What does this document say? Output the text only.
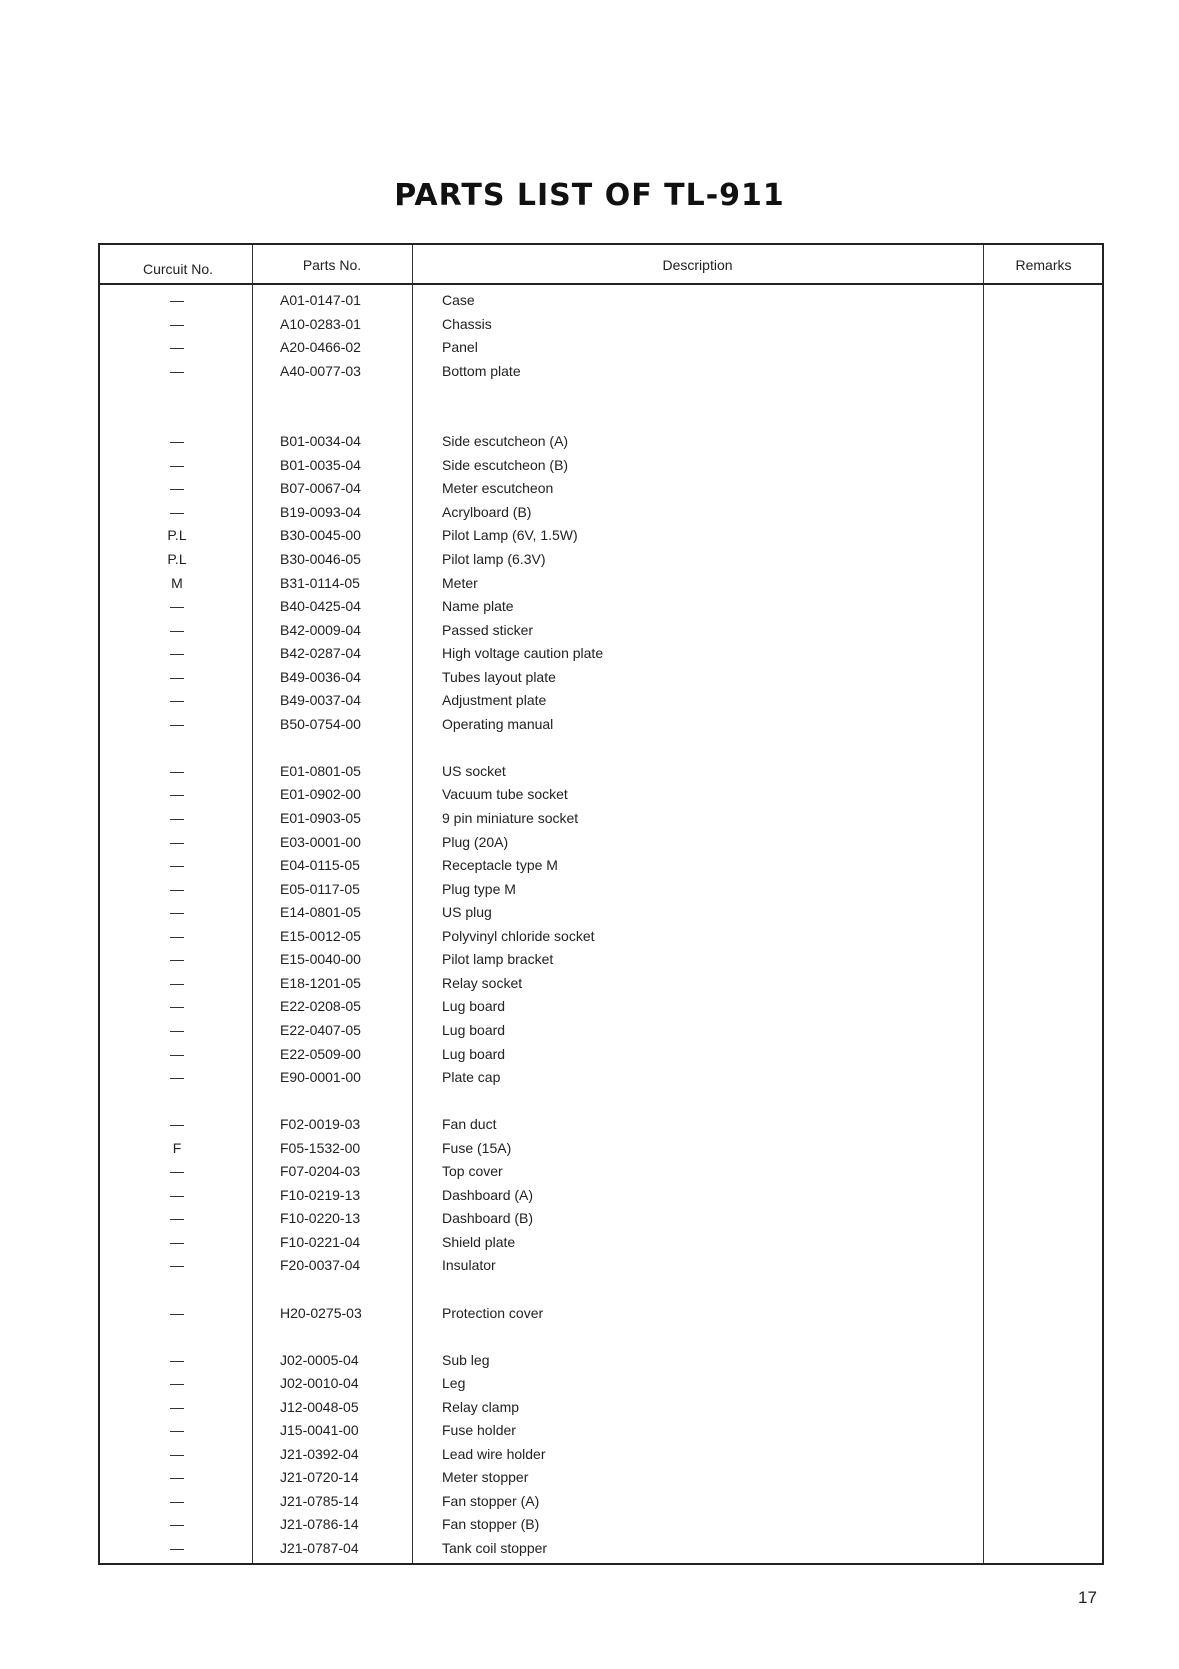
PARTS LIST OF TL-911
Curcuit No.	Parts No.	Description	Remarks
—	A01-0147-01	Case
—	A10-0283-01	Chassis
—	A20-0466-02	Panel
—	A40-0077-03	Bottom plate
—	B01-0034-04	Side escutcheon (A)
—	B01-0035-04	Side escutcheon (B)
—	B07-0067-04	Meter escutcheon
—	B19-0093-04	Acrylboard (B)
P.L	B30-0045-00	Pilot Lamp (6V, 1.5W)
P.L	B30-0046-05	Pilot lamp (6.3V)
M	B31-0114-05	Meter
—	B40-0425-04	Name plate
—	B42-0009-04	Passed sticker
—	B42-0287-04	High voltage caution plate
—	B49-0036-04	Tubes layout plate
—	B49-0037-04	Adjustment plate
—	B50-0754-00	Operating manual
—	E01-0801-05	US socket
—	E01-0902-00	Vacuum tube socket
—	E01-0903-05	9 pin miniature socket
—	E03-0001-00	Plug (20A)
—	E04-0115-05	Receptacle type M
—	E05-0117-05	Plug type M
—	E14-0801-05	US plug
—	E15-0012-05	Polyvinyl chloride socket
—	E15-0040-00	Pilot lamp bracket
—	E18-1201-05	Relay socket
—	E22-0208-05	Lug board
—	E22-0407-05	Lug board
—	E22-0509-00	Lug board
—	E90-0001-00	Plate cap
—	F02-0019-03	Fan duct
F	F05-1532-00	Fuse (15A)
—	F07-0204-03	Top cover
—	F10-0219-13	Dashboard (A)
—	F10-0220-13	Dashboard (B)
—	F10-0221-04	Shield plate
—	F20-0037-04	Insulator
—	H20-0275-03	Protection cover
—	J02-0005-04	Sub leg
—	J02-0010-04	Leg
—	J12-0048-05	Relay clamp
—	J15-0041-00	Fuse holder
—	J21-0392-04	Lead wire holder
—	J21-0720-14	Meter stopper
—	J21-0785-14	Fan stopper (A)
—	J21-0786-14	Fan stopper (B)
—	J21-0787-04	Tank coil stopper
17
